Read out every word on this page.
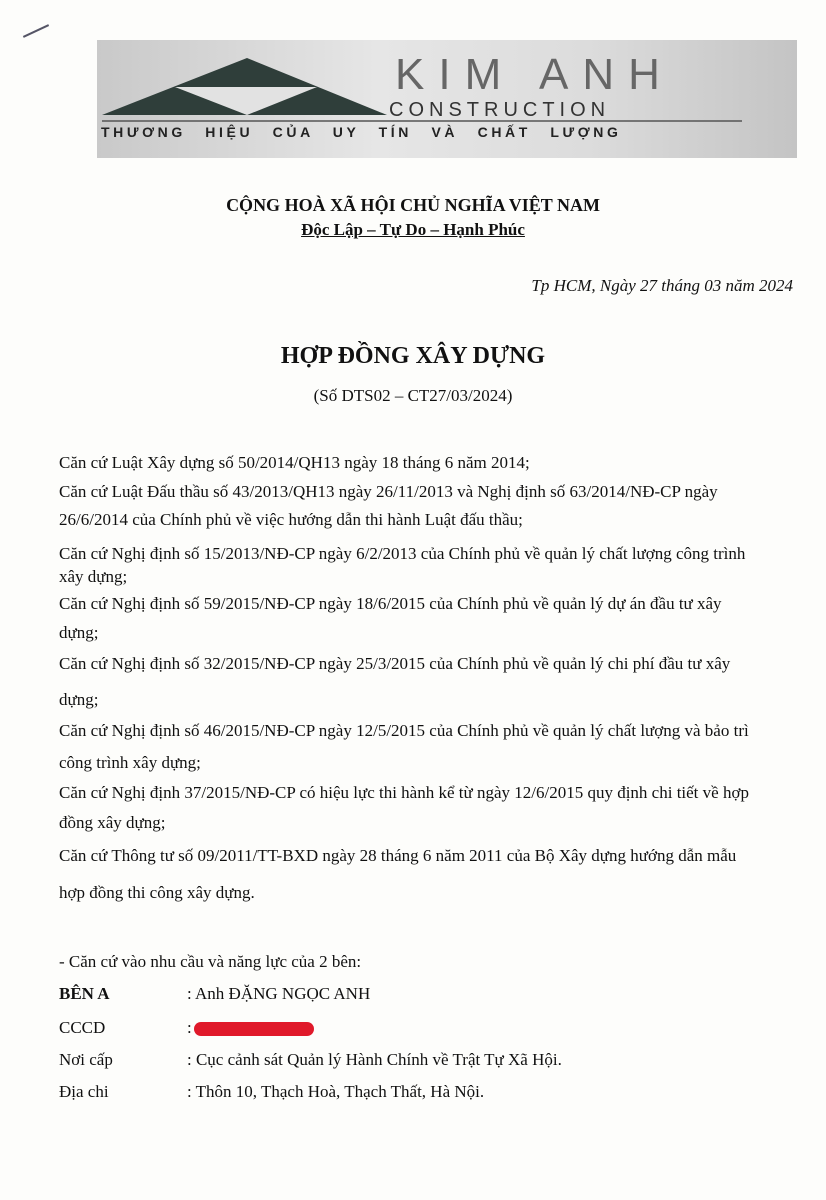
KIM ANH
CONSTRUCTION
THƯƠNG HIỆU CỦA UY TÍN VÀ CHẤT LƯỢNG
CỘNG HOÀ XÃ HỘI CHỦ NGHĨA VIỆT NAM
Độc Lập – Tự Do – Hạnh Phúc
Tp HCM, Ngày 27 tháng 03 năm 2024
HỢP ĐỒNG XÂY DỰNG
(Số DTS02 – CT27/03/2024)
Căn cứ Luật Xây dựng số 50/2014/QH13 ngày 18 tháng 6 năm 2014;
Căn cứ Luật Đấu thầu số 43/2013/QH13 ngày 26/11/2013 và Nghị định số 63/2014/NĐ-CP ngày
26/6/2014 của Chính phủ về việc hướng dẫn thi hành Luật đấu thầu;
Căn cứ Nghị định số 15/2013/NĐ-CP ngày 6/2/2013 của Chính phủ về quản lý chất lượng công trình
xây dựng;
Căn cứ Nghị định số 59/2015/NĐ-CP ngày 18/6/2015 của Chính phủ về quản lý dự án đầu tư xây
dựng;
Căn cứ Nghị định số 32/2015/NĐ-CP ngày 25/3/2015 của Chính phủ về quản lý chi phí đầu tư xây
dựng;
Căn cứ Nghị định số 46/2015/NĐ-CP ngày 12/5/2015 của Chính phủ về quản lý chất lượng và bảo trì
công trình xây dựng;
Căn cứ Nghị định 37/2015/NĐ-CP có hiệu lực thi hành kể từ ngày 12/6/2015 quy định chi tiết về hợp
đồng xây dựng;
Căn cứ Thông tư số 09/2011/TT-BXD ngày 28 tháng 6 năm 2011 của Bộ Xây dựng hướng dẫn mẫu
hợp đồng thi công xây dựng.
- Căn cứ vào nhu cầu và năng lực của 2 bên:
BÊN A	: Anh ĐẶNG NGỌC ANH
CCCD	:
Nơi cấp	: Cục cảnh sát Quản lý Hành Chính về Trật Tự Xã Hội.
Địa chi	: Thôn 10, Thạch Hoà, Thạch Thất, Hà Nội.
